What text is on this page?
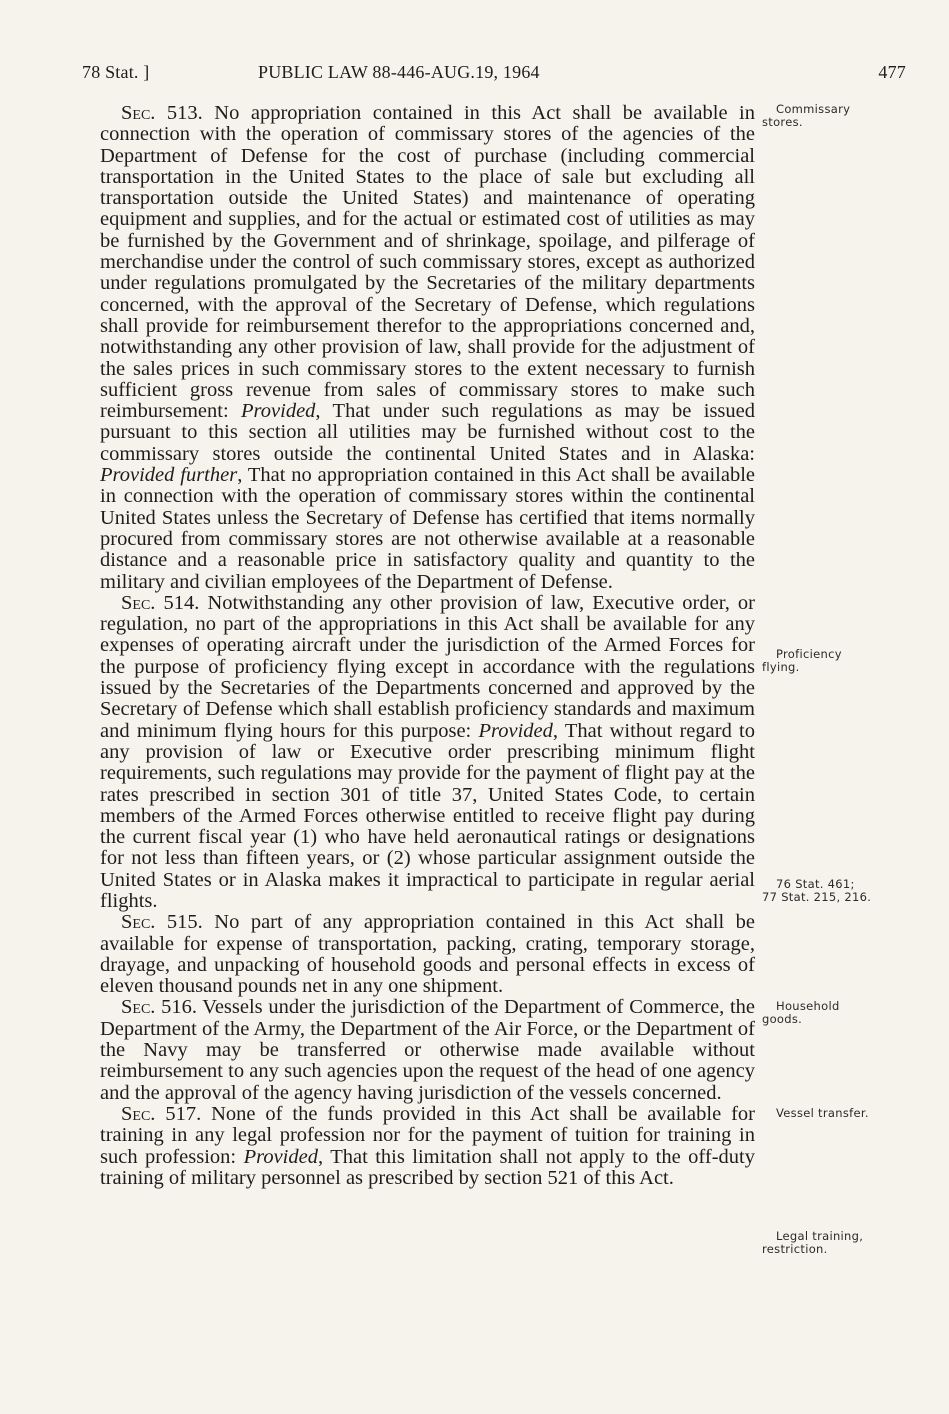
78 Stat. ]	PUBLIC LAW 88-446-AUG.19, 1964	477

Sec. 513. No appropriation contained in this Act shall be available in connection with the operation of commissary stores of the agencies of the Department of Defense for the cost of purchase (including commercial transportation in the United States to the place of sale but excluding all transportation outside the United States) and maintenance of operating equipment and supplies, and for the actual or estimated cost of utilities as may be furnished by the Government and of shrinkage, spoilage, and pilferage of merchandise under the control of such commissary stores, except as authorized under regulations promulgated by the Secretaries of the military departments concerned, with the approval of the Secretary of Defense, which regulations shall provide for reimbursement therefor to the appropriations concerned and, notwithstanding any other provision of law, shall provide for the adjustment of the sales prices in such commissary stores to the extent necessary to furnish sufficient gross revenue from sales of commissary stores to make such reimbursement: Provided, That under such regulations as may be issued pursuant to this section all utilities may be furnished without cost to the commissary stores outside the continental United States and in Alaska: Provided further, That no appropriation contained in this Act shall be available in connection with the operation of commissary stores within the continental United States unless the Secretary of Defense has certified that items normally procured from commissary stores are not otherwise available at a reasonable distance and a reasonable price in satisfactory quality and quantity to the military and civilian employees of the Department of Defense.

Sec. 514. Notwithstanding any other provision of law, Executive order, or regulation, no part of the appropriations in this Act shall be available for any expenses of operating aircraft under the jurisdiction of the Armed Forces for the purpose of proficiency flying except in accordance with the regulations issued by the Secretaries of the Departments concerned and approved by the Secretary of Defense which shall establish proficiency standards and maximum and minimum flying hours for this purpose: Provided, That without regard to any provision of law or Executive order prescribing minimum flight requirements, such regulations may provide for the payment of flight pay at the rates prescribed in section 301 of title 37, United States Code, to certain members of the Armed Forces otherwise entitled to receive flight pay during the current fiscal year (1) who have held aeronautical ratings or designations for not less than fifteen years, or (2) whose particular assignment outside the United States or in Alaska makes it impractical to participate in regular aerial flights.

Sec. 515. No part of any appropriation contained in this Act shall be available for expense of transportation, packing, crating, temporary storage, drayage, and unpacking of household goods and personal effects in excess of eleven thousand pounds net in any one shipment.

Sec. 516. Vessels under the jurisdiction of the Department of Commerce, the Department of the Army, the Department of the Air Force, or the Department of the Navy may be transferred or otherwise made available without reimbursement to any such agencies upon the request of the head of one agency and the approval of the agency having jurisdiction of the vessels concerned.

Sec. 517. None of the funds provided in this Act shall be available for training in any legal profession nor for the payment of tuition for training in such profession: Provided, That this limitation shall not apply to the off-duty training of military personnel as prescribed by section 521 of this Act.

Commissary
stores.
Proficiency
flying.
76 Stat. 461;
77 Stat. 215, 216.
Household
goods.
Vessel transfer.
Legal training,
restriction.
